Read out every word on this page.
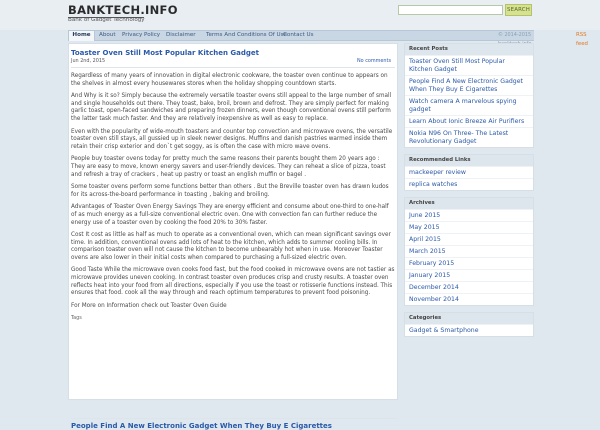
BANKTECH.INFO
Bank of Gadget Technology
SEARCH
Home	About Privacy Policy Disclaimer Terms And Conditions Of Use
Contact Us	© 2014-2015	RSS feed
Toaster Oven Still Most Popular Kitchen Gadget
Jun 2nd, 2015	No comments

Regardless of many years of innovation in digital electronic cookware, the toaster oven continue to appears on the shelves in almost every housewares stores when the holiday shopping countdown starts.

And Why is it so? Simply because the extremely versatile toaster ovens still appeal to the large number of small and single households out there. They toast, bake, broil, brown and defrost. They are simply perfect for making garlic toast, open-faced sandwiches and preparing frozen dinners, even though conventional ovens still perform the latter task much faster. And they are relatively inexpensive as well as easy to replace.

Even with the popularity of wide-mouth toasters and counter top convection and microwave ovens, the versatile toaster oven still stays, all gussied up in sleek newer designs. Muffins and danish pastries warmed inside them retain their crisp exterior and don`t get soggy, as is often the case with micro wave ovens.

People buy toaster ovens today for pretty much the same reasons their parents bought them 20 years ago : They are easy to move, known energy savers and user-friendly devices. They can reheat a slice of pizza, toast and refresh a tray of crackers , heat up pastry or toast an english muffin or bagel .

Some toaster ovens perform some functions better than others . But the Breville toaster oven has drawn kudos for its across-the-board performance in toasting , baking and broiling.

Advantages of Toaster Oven Energy Savings They are energy efficient and consume about one-third to one-half of as much energy as a full-size conventional electric oven. One with convection fan can further reduce the energy use of a toaster oven by cooking the food 20% to 30% faster.

Cost It cost as little as half as much to operate as a conventional oven, which can mean significant savings over time. In addition, conventional ovens add lots of heat to the kitchen, which adds to summer cooling bills. In comparison toaster oven will not cause the kitchen to become unbearably hot when in use. Moreover Toaster ovens are also lower in their initial costs when compared to purchasing a full-sized electric oven.

Good Taste While the microwave oven cooks food fast, but the food cooked in microwave ovens are not tastier as microwave provides uneven cooking. In contrast toaster oven produces crisp and crusty results. A toaster oven reflects heat into your food from all directions, especially if you use the toast or rotisserie functions instead. This ensures that food. cook all the way through and reach optimum temperatures to prevent food poisoning.

For More on Information check out Toaster Oven Guide

Tags
People Find A New Electronic Gadget When They Buy E Cigarettes
Recent Posts
Toaster Oven Still Most Popular Kitchen Gadget
People Find A New Electronic Gadget When They Buy E Cigarettes
Watch camera A marvelous spying gadget
Learn About Ionic Breeze Air Purifiers
Nokia N96 On Three- The Latest Revolutionary Gadget
Recommended Links
mackeeper review
replica watches
Archives
June 2015
May 2015
April 2015
March 2015
February 2015
January 2015
December 2014
November 2014
Categories
Gadget & Smartphone
